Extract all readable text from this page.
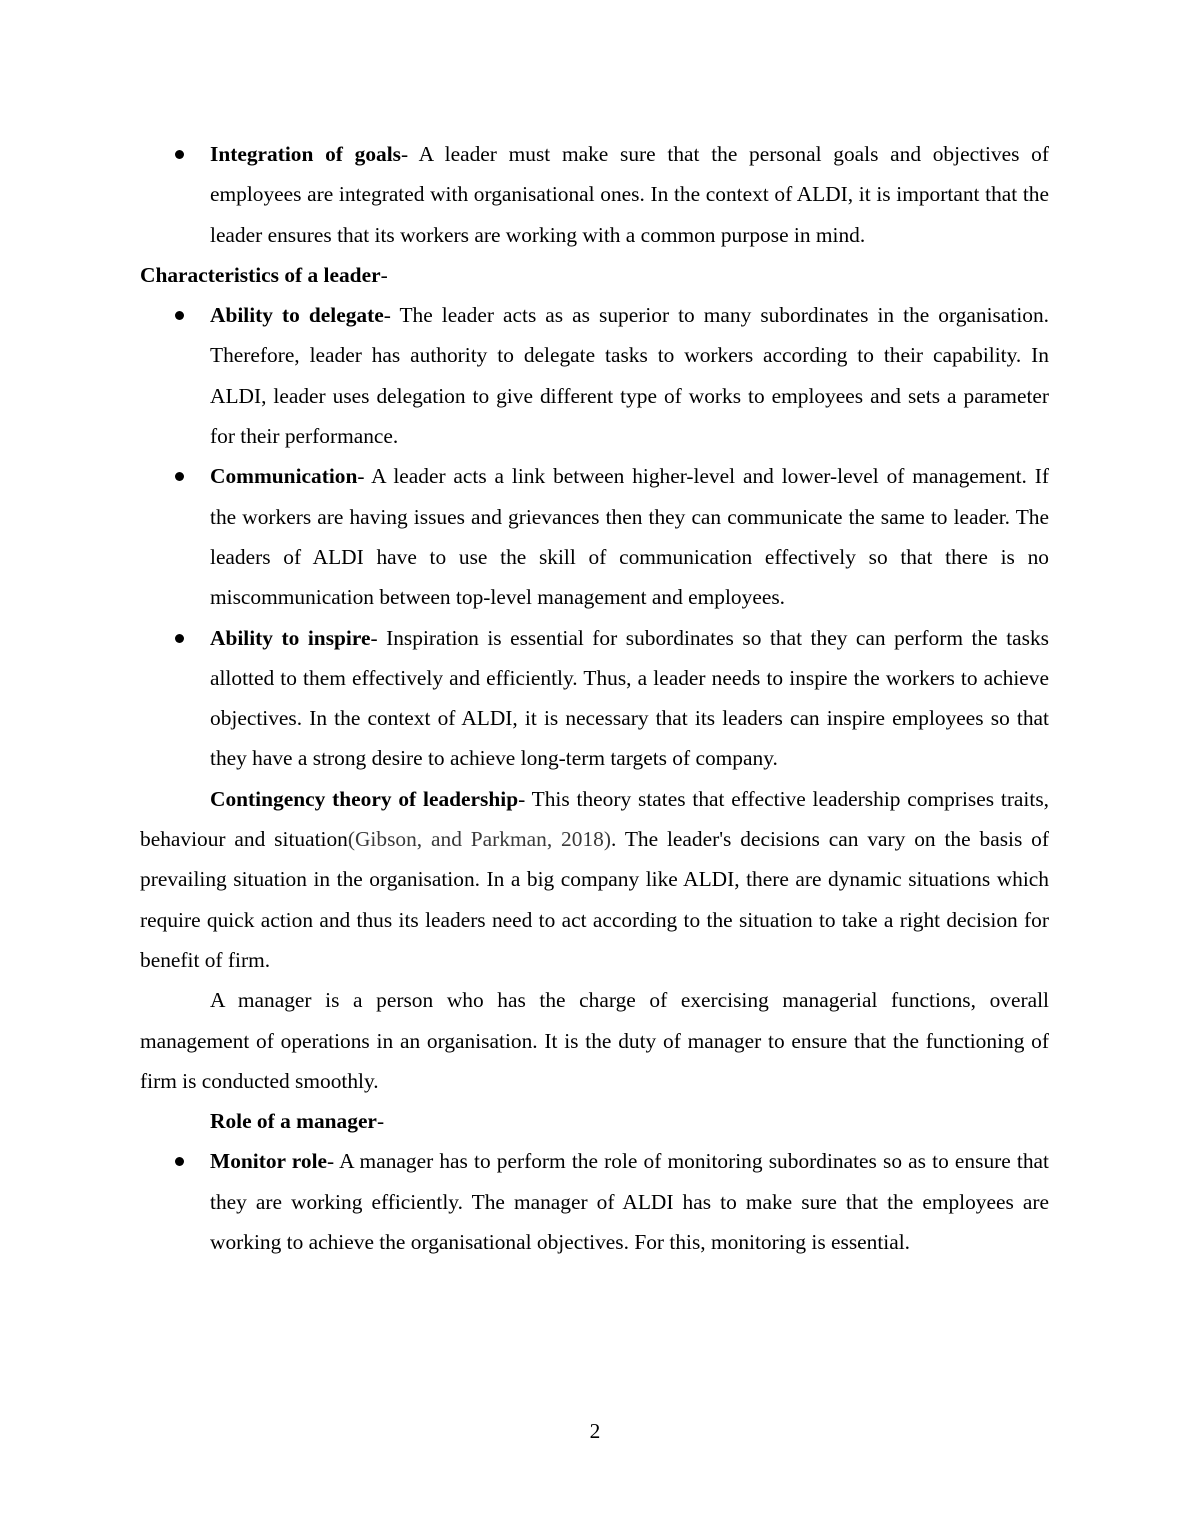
Integration of goals- A leader must make sure that the personal goals and objectives of employees are integrated with organisational ones. In the context of ALDI, it is important that the leader ensures that its workers are working with a common purpose in mind.

Characteristics of a leader-

Ability to delegate- The leader acts as as superior to many subordinates in the organisation. Therefore, leader has authority to delegate tasks to workers according to their capability. In ALDI, leader uses delegation to give different type of works to employees and sets a parameter for their performance.
Communication- A leader acts a link between higher-level and lower-level of management. If the workers are having issues and grievances then they can communicate the same to leader. The leaders of ALDI have to use the skill of communication effectively so that there is no miscommunication between top-level management and employees.
Ability to inspire- Inspiration is essential for subordinates so that they can perform the tasks allotted to them effectively and efficiently. Thus, a leader needs to inspire the workers to achieve objectives. In the context of ALDI, it is necessary that its leaders can inspire employees so that they have a strong desire to achieve long-term targets of company.

Contingency theory of leadership- This theory states that effective leadership comprises traits, behaviour and situation(Gibson, and Parkman, 2018). The leader's decisions can vary on the basis of prevailing situation in the organisation. In a big company like ALDI, there are dynamic situations which require quick action and thus its leaders need to act according to the situation to take a right decision for benefit of firm.

A manager is a person who has the charge of exercising managerial functions, overall management of operations in an organisation. It is the duty of manager to ensure that the functioning of firm is conducted smoothly.

Role of a manager-

Monitor role- A manager has to perform the role of monitoring subordinates so as to ensure that they are working efficiently. The manager of ALDI has to make sure that the employees are working to achieve the organisational objectives. For this, monitoring is essential.
2
